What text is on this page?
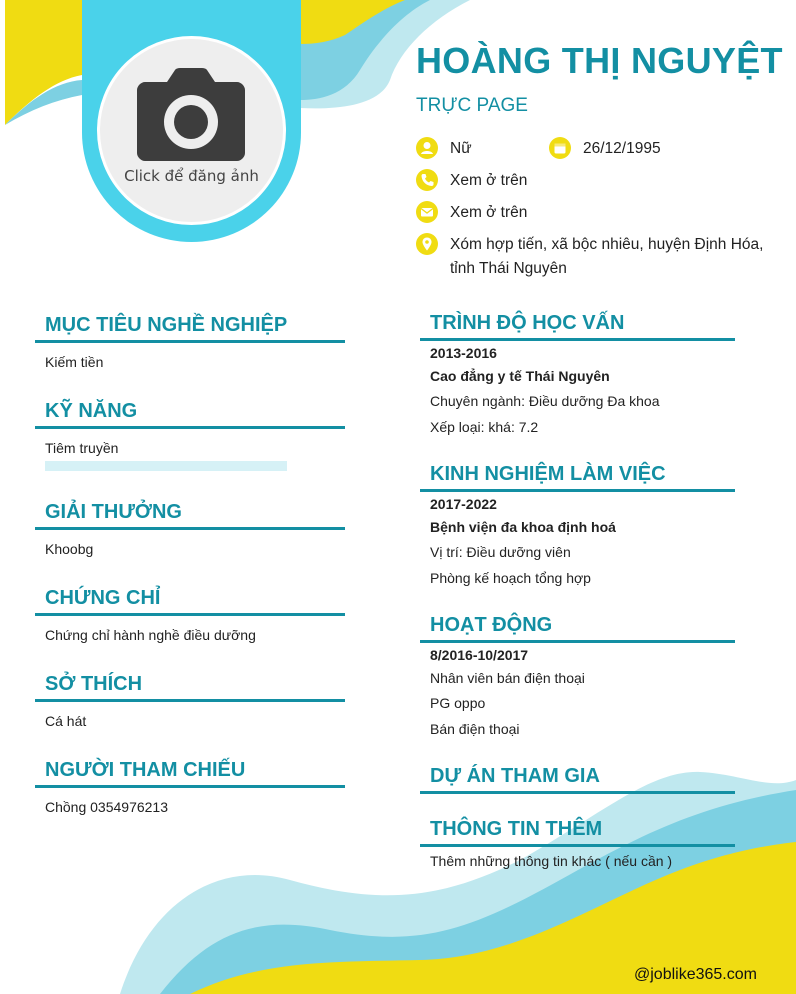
Click để đăng ảnh
HOÀNG THỊ NGUYỆT
TRỰC PAGE
Nữ	26/12/1995
Xem ở trên
Xem ở trên
Xóm hợp tiến, xã bộc nhiêu, huyện Định Hóa,
tỉnh Thái Nguyên
MỤC TIÊU NGHỀ NGHIỆP
Kiếm tiền
KỸ NĂNG
Tiêm truyền
GIẢI THƯỞNG
Khoobg
CHỨNG CHỈ
Chứng chỉ hành nghề điều dưỡng
SỞ THÍCH
Cá hát
NGƯỜI THAM CHIẾU
Chồng 0354976213
TRÌNH ĐỘ HỌC VẤN
2013-2016
Cao đẳng y tế Thái Nguyên
Chuyên ngành: Điều dưỡng Đa khoa
Xếp loại: khá: 7.2
KINH NGHIỆM LÀM VIỆC
2017-2022
Bệnh viện đa khoa định hoá
Vị trí: Điều dưỡng viên
Phòng kế hoạch tổng hợp
HOẠT ĐỘNG
8/2016-10/2017
Nhân viên bán điện thoại
PG oppo
Bán điện thoại
DỰ ÁN THAM GIA
THÔNG TIN THÊM
Thêm những thông tin khác ( nếu cần )
@joblike365.com
